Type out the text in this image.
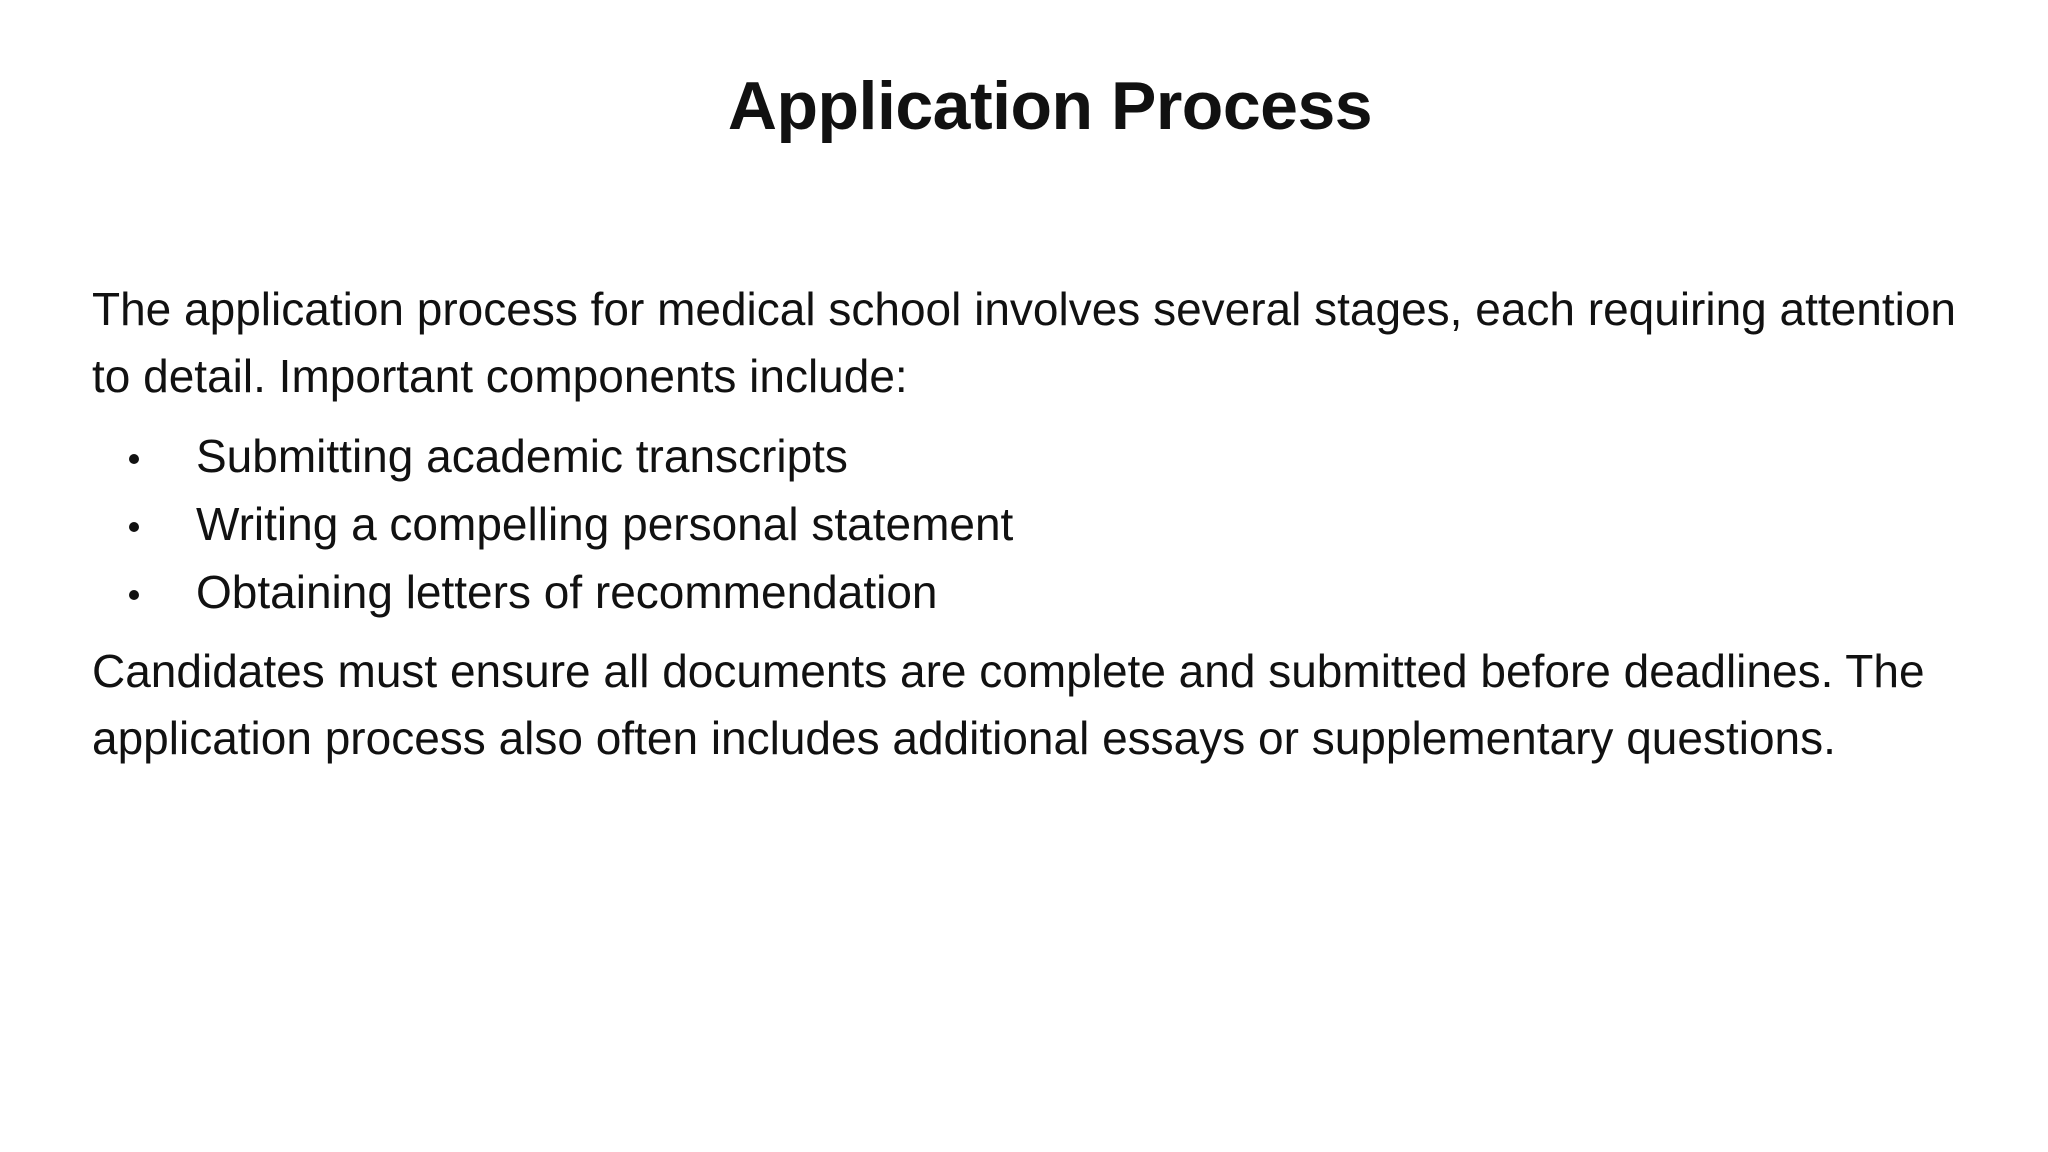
Application Process

The application process for medical school involves several stages, each requiring attention to detail. Important components include:

Submitting academic transcripts
Writing a compelling personal statement
Obtaining letters of recommendation

Candidates must ensure all documents are complete and submitted before deadlines. The application process also often includes additional essays or supplementary questions.
